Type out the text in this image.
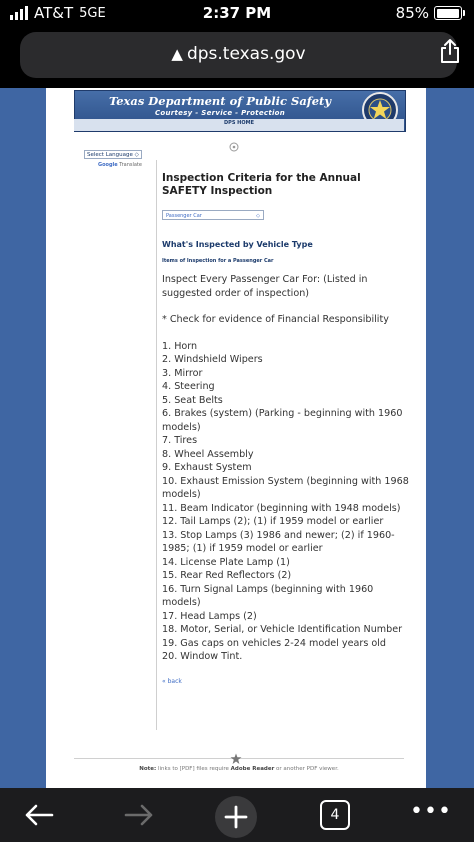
AT&T 5GE	2:37 PM	85%
▲ dps.texas.gov
Texas Department of Public Safety
Courtesy - Service - Protection
DPS HOME
Select Language ◇
Google Translate
Inspection Criteria for the Annual
SAFETY Inspection
Passenger Car	◇
What's Inspected by Vehicle Type
Items of Inspection for a Passenger Car
Inspect Every Passenger Car For: (Listed in suggested order of inspection)
* Check for evidence of Financial Responsibility
1. Horn
2. Windshield Wipers
3. Mirror
4. Steering
5. Seat Belts
6. Brakes (system) (Parking - beginning with 1960 models)
7. Tires
8. Wheel Assembly
9. Exhaust System
10. Exhaust Emission System (beginning with 1968 models)
11. Beam Indicator (beginning with 1948 models)
12. Tail Lamps (2); (1) if 1959 model or earlier
13. Stop Lamps (3) 1986 and newer; (2) if 1960-1985; (1) if 1959 model or earlier
14. License Plate Lamp (1)
15. Rear Red Reflectors (2)
16. Turn Signal Lamps (beginning with 1960 models)
17. Head Lamps (2)
18. Motor, Serial, or Vehicle Identification Number
19. Gas caps on vehicles 2-24 model years old
20. Window Tint.
« back
Note: links to [PDF] files require Adobe Reader or another PDF viewer.
4	•••
